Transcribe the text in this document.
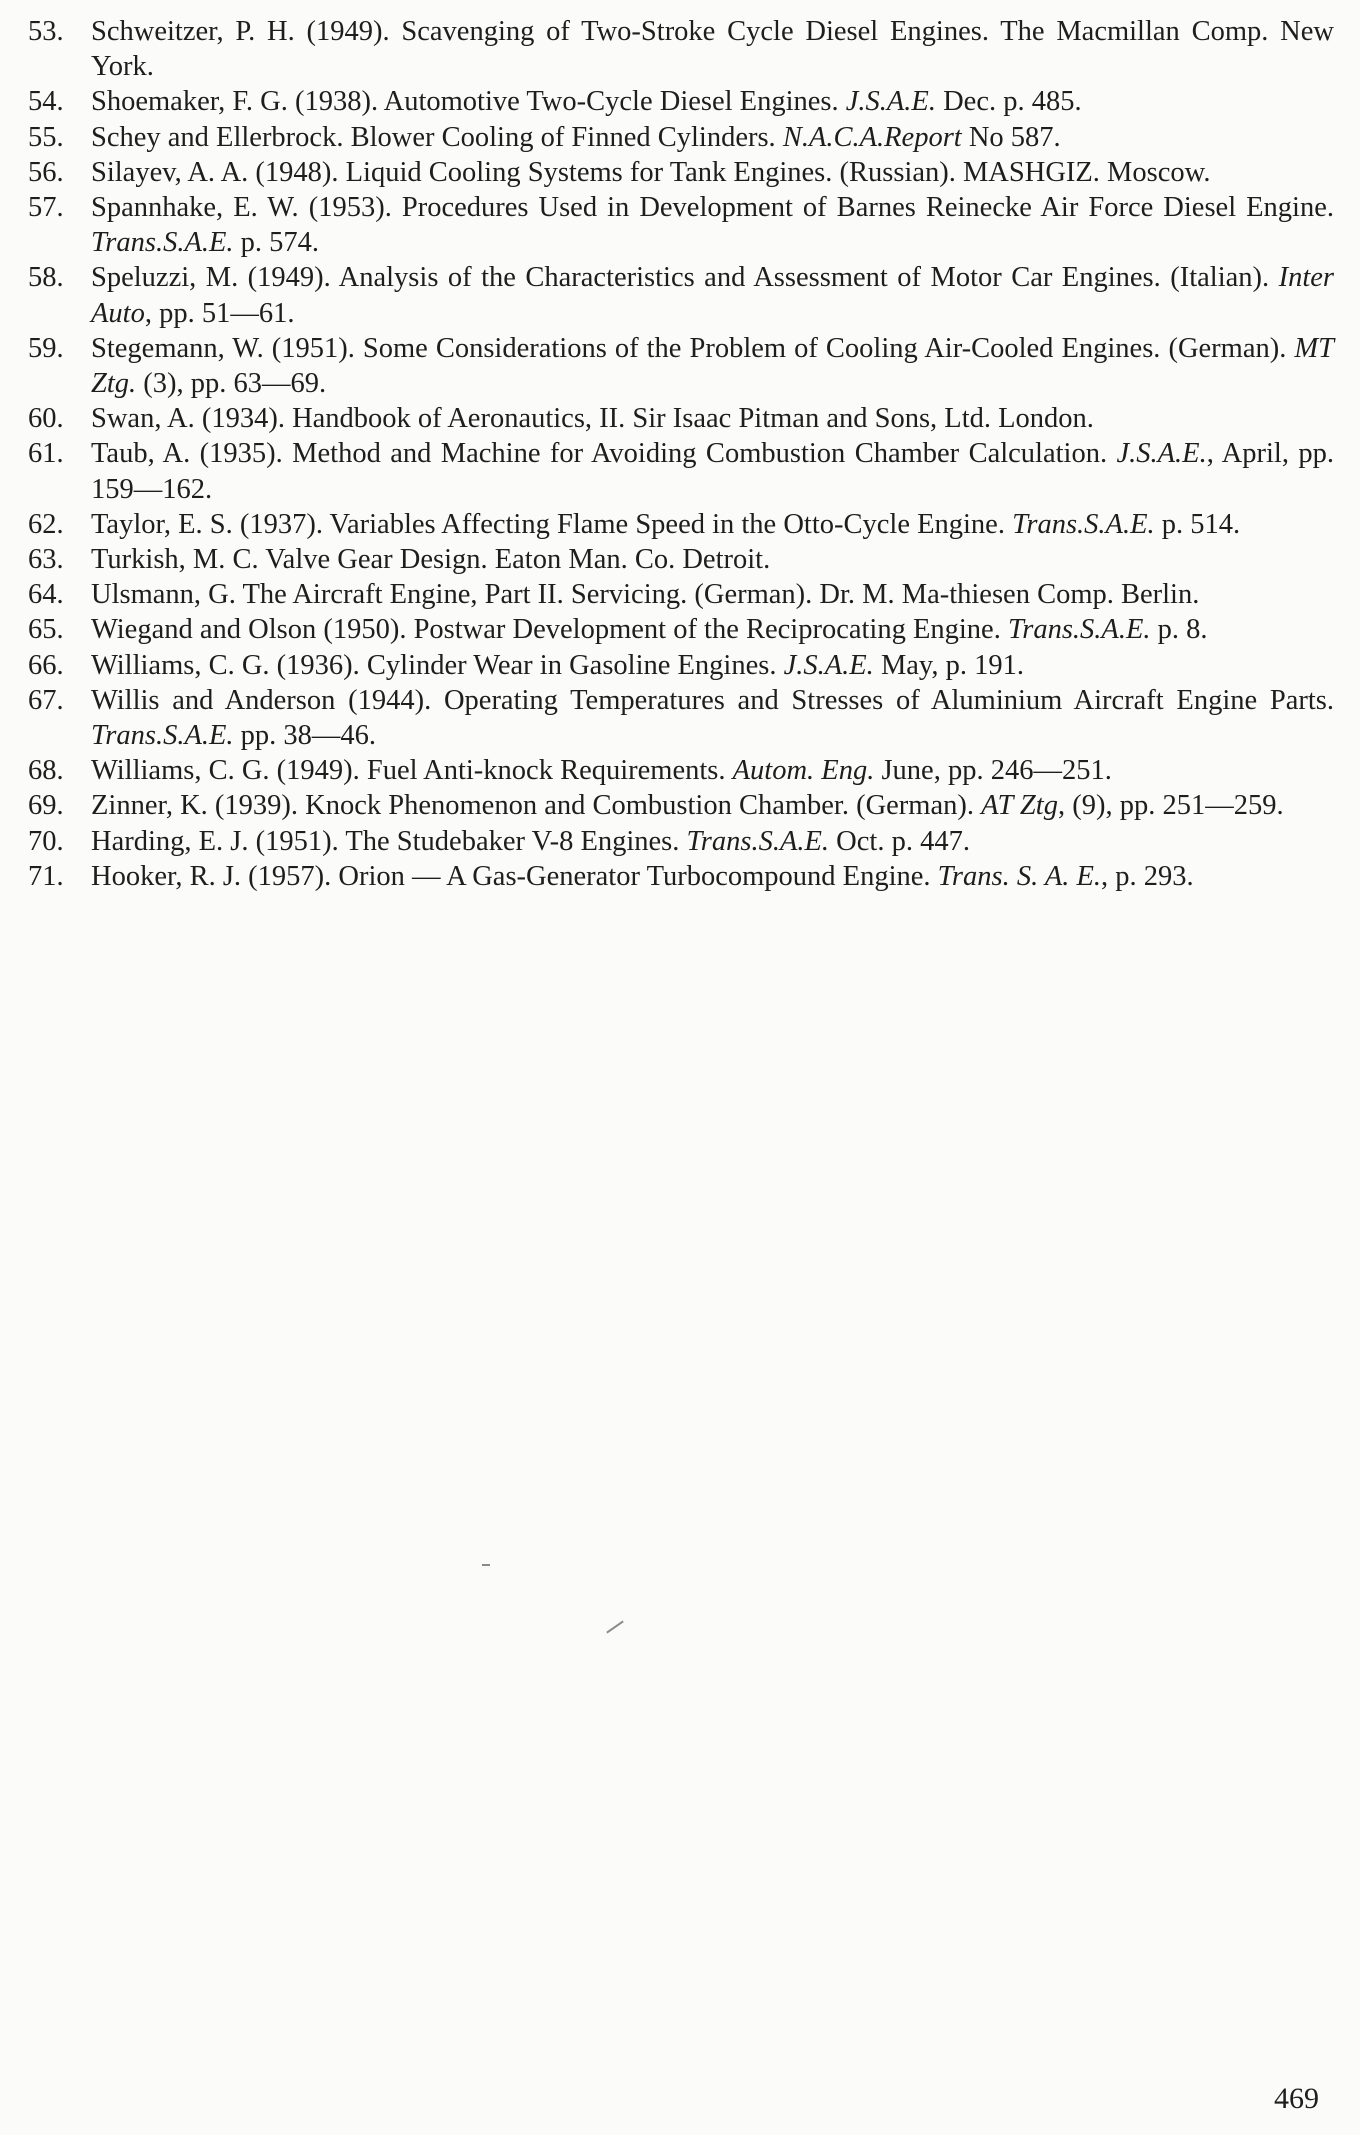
53. Schweitzer, P. H. (1949). Scavenging of Two-Stroke Cycle Diesel Engines. The Macmillan Comp. New York.
54. Shoemaker, F. G. (1938). Automotive Two-Cycle Diesel Engines. J.S.A.E. Dec. p. 485.
55. Schey and Ellerbrock. Blower Cooling of Finned Cylinders. N.A.C.A.Report No 587.
56. Silayev, A. A. (1948). Liquid Cooling Systems for Tank Engines. (Russian). MASHGIZ. Moscow.
57. Spannhake, E. W. (1953). Procedures Used in Development of Barnes Reinecke Air Force Diesel Engine. Trans.S.A.E. p. 574.
58. Speluzzi, M. (1949). Analysis of the Characteristics and Assessment of Motor Car Engines. (Italian). Inter Auto, pp. 51—61.
59. Stegemann, W. (1951). Some Considerations of the Problem of Cooling Air-Cooled Engines. (German). MT Ztg. (3), pp. 63—69.
60. Swan, A. (1934). Handbook of Aeronautics, II. Sir Isaac Pitman and Sons, Ltd. London.
61. Taub, A. (1935). Method and Machine for Avoiding Combustion Chamber Calculation. J.S.A.E., April, pp. 159—162.
62. Taylor, E. S. (1937). Variables Affecting Flame Speed in the Otto-Cycle Engine. Trans.S.A.E. p. 514.
63. Turkish, M. C. Valve Gear Design. Eaton Man. Co. Detroit.
64. Ulsmann, G. The Aircraft Engine, Part II. Servicing. (German). Dr. M. Ma-thiesen Comp. Berlin.
65. Wiegand and Olson (1950). Postwar Development of the Reciprocating Engine. Trans.S.A.E. p. 8.
66. Williams, C. G. (1936). Cylinder Wear in Gasoline Engines. J.S.A.E. May, p. 191.
67. Willis and Anderson (1944). Operating Temperatures and Stresses of Aluminium Aircraft Engine Parts. Trans.S.A.E. pp. 38—46.
68. Williams, C. G. (1949). Fuel Anti-knock Requirements. Autom. Eng. June, pp. 246—251.
69. Zinner, K. (1939). Knock Phenomenon and Combustion Chamber. (German). AT Ztg, (9), pp. 251—259.
70. Harding, E. J. (1951). The Studebaker V-8 Engines. Trans.S.A.E. Oct. p. 447.
71. Hooker, R. J. (1957). Orion — A Gas-Generator Turbocompound Engine. Trans. S. A. E., p. 293.
469
